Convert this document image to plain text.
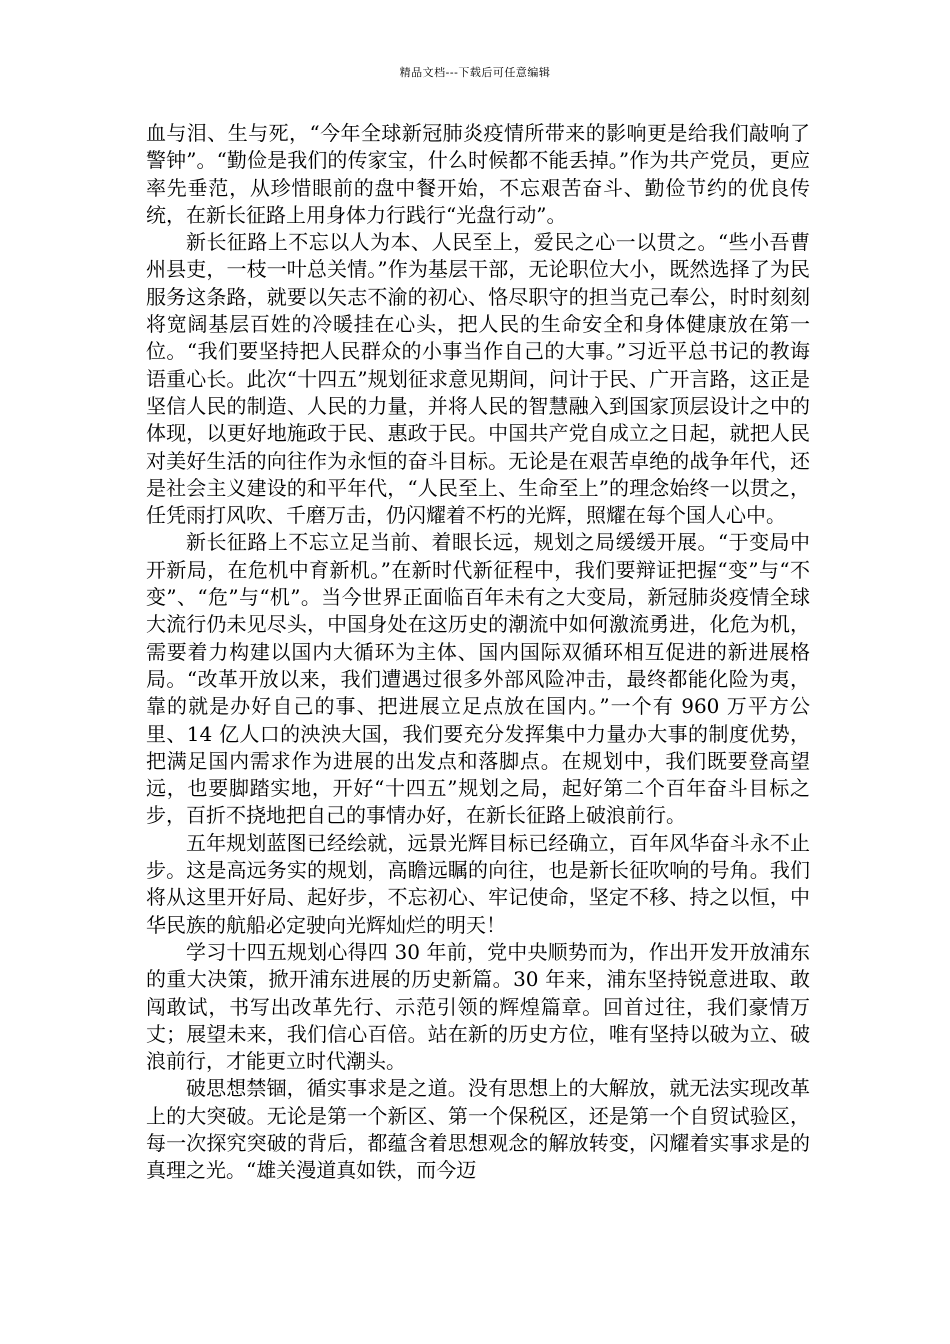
精品文档---下载后可任意编辑

血与泪、生与死，“今年全球新冠肺炎疫情所带来的影响更是给我们敲响了警钟”。“勤俭是我们的传家宝，什么时候都不能丢掉。”作为共产党员，更应率先垂范，从珍惜眼前的盘中餐开始，不忘艰苦奋斗、勤俭节约的优良传统，在新长征路上用身体力行践行“光盘行动”。

新长征路上不忘以人为本、人民至上，爱民之心一以贯之。“些小吾曹州县吏，一枝一叶总关情。”作为基层干部，无论职位大小，既然选择了为民服务这条路，就要以矢志不渝的初心、恪尽职守的担当克己奉公，时时刻刻将宽阔基层百姓的冷暖挂在心头，把人民的生命安全和身体健康放在第一位。“我们要坚持把人民群众的小事当作自己的大事。”习近平总书记的教诲语重心长。此次“十四五”规划征求意见期间，问计于民、广开言路，这正是坚信人民的制造、人民的力量，并将人民的智慧融入到国家顶层设计之中的体现，以更好地施政于民、惠政于民。中国共产党自成立之日起，就把人民对美好生活的向往作为永恒的奋斗目标。无论是在艰苦卓绝的战争年代，还是社会主义建设的和平年代，“人民至上、生命至上”的理念始终一以贯之，任凭雨打风吹、千磨万击，仍闪耀着不朽的光辉，照耀在每个国人心中。

新长征路上不忘立足当前、着眼长远，规划之局缓缓开展。“于变局中开新局，在危机中育新机。”在新时代新征程中，我们要辩证把握“变”与“不变”、“危”与“机”。当今世界正面临百年未有之大变局，新冠肺炎疫情全球大流行仍未见尽头，中国身处在这历史的潮流中如何激流勇进，化危为机，需要着力构建以国内大循环为主体、国内国际双循环相互促进的新进展格局。“改革开放以来，我们遭遇过很多外部风险冲击，最终都能化险为夷，靠的就是办好自己的事、把进展立足点放在国内。”一个有 960 万平方公里、14 亿人口的泱泱大国，我们要充分发挥集中力量办大事的制度优势，把满足国内需求作为进展的出发点和落脚点。在规划中，我们既要登高望远，也要脚踏实地，开好“十四五”规划之局，起好第二个百年奋斗目标之步，百折不挠地把自己的事情办好，在新长征路上破浪前行。

五年规划蓝图已经绘就，远景光辉目标已经确立，百年风华奋斗永不止步。这是高远务实的规划，高瞻远瞩的向往，也是新长征吹响的号角。我们将从这里开好局、起好步，不忘初心、牢记使命，坚定不移、持之以恒，中华民族的航船必定驶向光辉灿烂的明天！

学习十四五规划心得四 30 年前，党中央顺势而为，作出开发开放浦东的重大决策，掀开浦东进展的历史新篇。30 年来，浦东坚持锐意进取、敢闯敢试，书写出改革先行、示范引领的辉煌篇章。回首过往，我们豪情万丈；展望未来，我们信心百倍。站在新的历史方位，唯有坚持以破为立、破浪前行，才能更立时代潮头。

破思想禁锢，循实事求是之道。没有思想上的大解放，就无法实现改革上的大突破。无论是第一个新区、第一个保税区，还是第一个自贸试验区，每一次探究突破的背后，都蕴含着思想观念的解放转变，闪耀着实事求是的真理之光。“雄关漫道真如铁，而今迈
